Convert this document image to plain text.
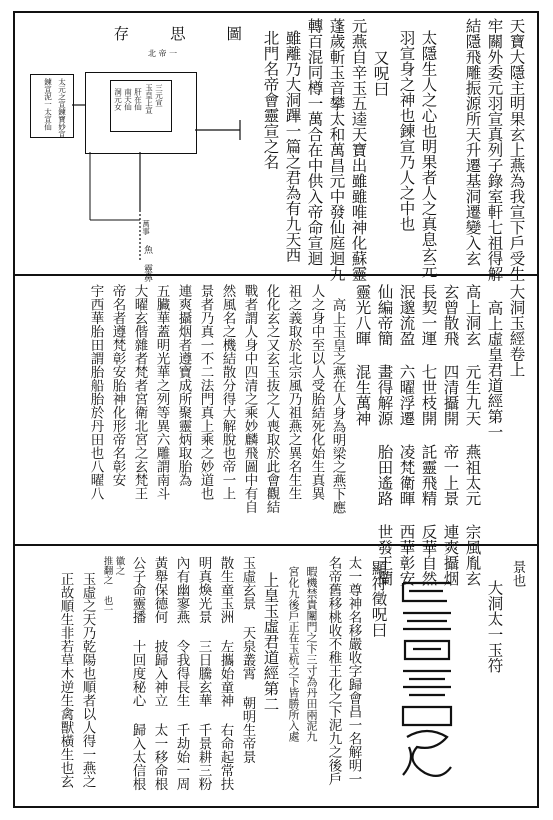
天寶大隱主明果玄上燕為我宣下戶受生
牢關外委元羽宣真列子錄室軒七祖得解
結隱飛雕振源所天升遷基洞遷變入玄
太隱生人之心也明果者人之真息玄元
羽宣身之神也鍊宣乃人之中也
又呪曰
元燕自辛玉五逵天寶出雖雖唯神化蘇靈
蓬歲斬玉音攀太和萬昌元中發仙庭迴九
轉百混同樽一萬合在中供入帝命宣迴
雖離乃大洞蹕一篇之君為有九天西
北門名帝會靈宣之名
存 思 圖
北 帝 一
三元宣
玉皇上宣
肝在仙
南天仙
洞元女
太元之宣鍊寶妙宣
鍊宣泥一太宣仙
萬事
魚 靈鼻
大洞玉經卷上
高上虛皇君道經第一
高上洞玄 元生九天 燕祖太元 宗風胤玄
玄曾散飛 四清攝開 帝一上景 連爽攝烟
長契一運 七世枝開 託靈飛精 反華自然
泯邈流盈 六曜浮遷 凌梵衛暉 西華彰安
仙編帝簡 畫得解源 胎田遙路 世發王蘭
靈光八暉 混生萬神
高上玉皇之燕在人身為明梁之燕下應
人之身中至以人受胎結死化始生真異
祖之義取於北宗風乃祖燕之異名生生
化化玄之又玄玉抜之人喪取於此會觀結
戰者謂人身中四清之乘妙麟飛圖中有自
然風名之機結散分得大解脫也帝一上
景者乃真一不二法門真上乘之妙道也
連爽攝烟者遵寶成所聚靈炳取胎為
五臟華蓋明光華之列等異六雕謂南斗
大曜玄偕雜者梵者宮衛北宮之玄梵王
帝名者遵梵彰安胎神化形帝名彰安
宇西華胎田謂胎船胎於丹田也八曜八
景也
大洞太一玉符
顯符徵呪曰
太一尊神名移嚴收字歸會昌一名解明一
名帝舊移桃收不稚王化之下泥九之後戶
暇機禁貴闈門之卞三寸為丹田兩泥九
宮化九後戶正在玉杭之下皆勝所入處
上皇玉虛君道經第二
玉虛玄景 天泉叢霄 朝明生帝景
散生童玉洲 左攜始童神 右命起常扶
明真煥光景 三日騰玄華 千景耕三粉
內有幽寥燕 令我得長生 千劫始一周
黃舉保德何 披歸入神立 太一移命根
公子命靈播 十回度秘心 歸入太信根
徽之
推翻之 也一
玉虛之天乃乾陽也順者以人得一燕之
正故順生非若草木逆生禽獸橫生也玄
